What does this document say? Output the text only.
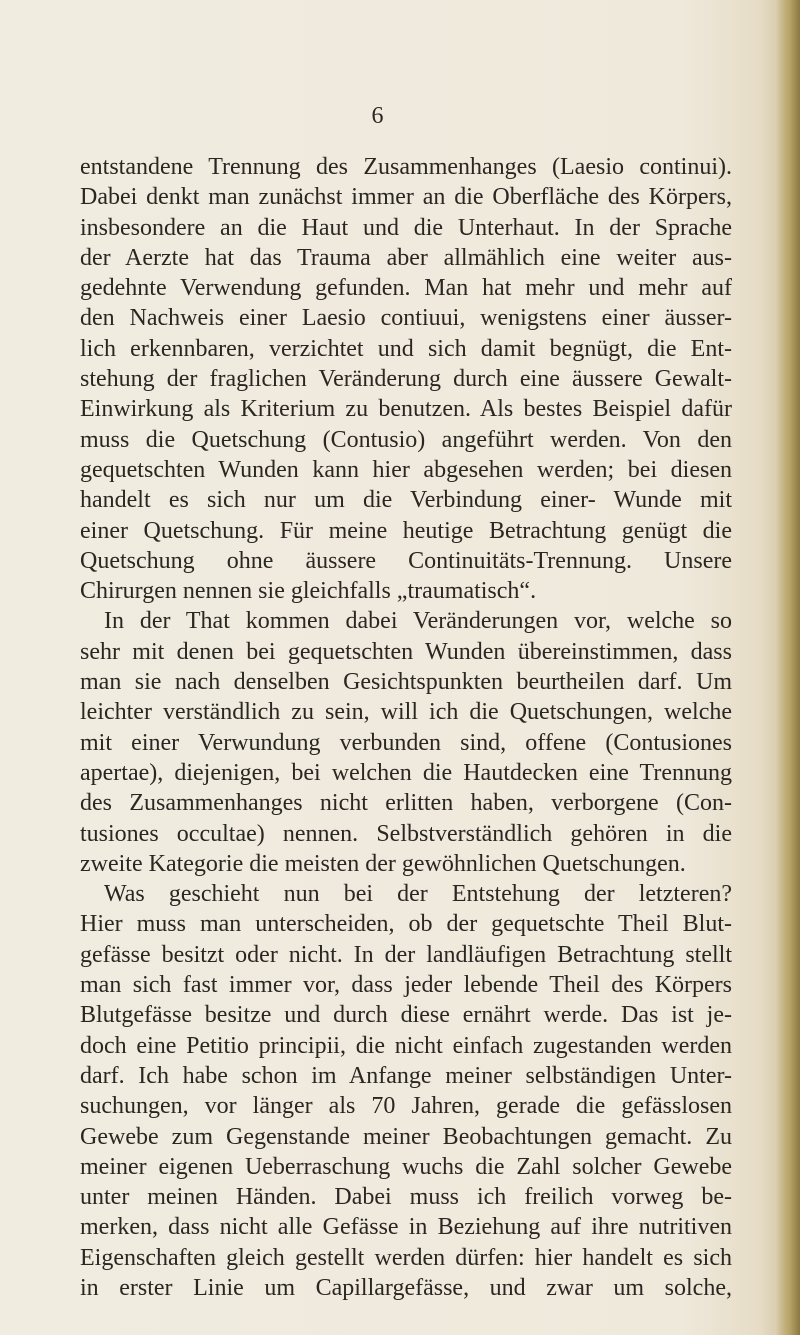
6

entstandene Trennung des Zusammenhanges (Laesio continui).
Dabei denkt man zunächst immer an die Oberfläche des Körpers,
insbesondere an die Haut und die Unterhaut. In der Sprache
der Aerzte hat das Trauma aber allmählich eine weiter aus-
gedehnte Verwendung gefunden. Man hat mehr und mehr auf
den Nachweis einer Laesio contiuui, wenigstens einer äusser-
lich erkennbaren, verzichtet und sich damit begnügt, die Ent-
stehung der fraglichen Veränderung durch eine äussere Gewalt-
Einwirkung als Kriterium zu benutzen. Als bestes Beispiel dafür
muss die Quetschung (Contusio) angeführt werden. Von den
gequetschten Wunden kann hier abgesehen werden; bei diesen
handelt es sich nur um die Verbindung einer- Wunde mit
einer Quetschung. Für meine heutige Betrachtung genügt die
Quetschung ohne äussere Continuitäts-Trennung. Unsere
Chirurgen nennen sie gleichfalls „traumatisch“.
In der That kommen dabei Veränderungen vor, welche so
sehr mit denen bei gequetschten Wunden übereinstimmen, dass
man sie nach denselben Gesichtspunkten beurtheilen darf. Um
leichter verständlich zu sein, will ich die Quetschungen, welche
mit einer Verwundung verbunden sind, offene (Contusiones
apertae), diejenigen, bei welchen die Hautdecken eine Trennung
des Zusammenhanges nicht erlitten haben, verborgene (Con-
tusiones occultae) nennen. Selbstverständlich gehören in die
zweite Kategorie die meisten der gewöhnlichen Quetschungen.
Was geschieht nun bei der Entstehung der letzteren?
Hier muss man unterscheiden, ob der gequetschte Theil Blut-
gefässe besitzt oder nicht. In der landläufigen Betrachtung stellt
man sich fast immer vor, dass jeder lebende Theil des Körpers
Blutgefässe besitze und durch diese ernährt werde. Das ist je-
doch eine Petitio principii, die nicht einfach zugestanden werden
darf. Ich habe schon im Anfange meiner selbständigen Unter-
suchungen, vor länger als 70 Jahren, gerade die gefässlosen
Gewebe zum Gegenstande meiner Beobachtungen gemacht. Zu
meiner eigenen Ueberraschung wuchs die Zahl solcher Gewebe
unter meinen Händen. Dabei muss ich freilich vorweg be-
merken, dass nicht alle Gefässe in Beziehung auf ihre nutritiven
Eigenschaften gleich gestellt werden dürfen: hier handelt es sich
in erster Linie um Capillargefässe, und zwar um solche,
